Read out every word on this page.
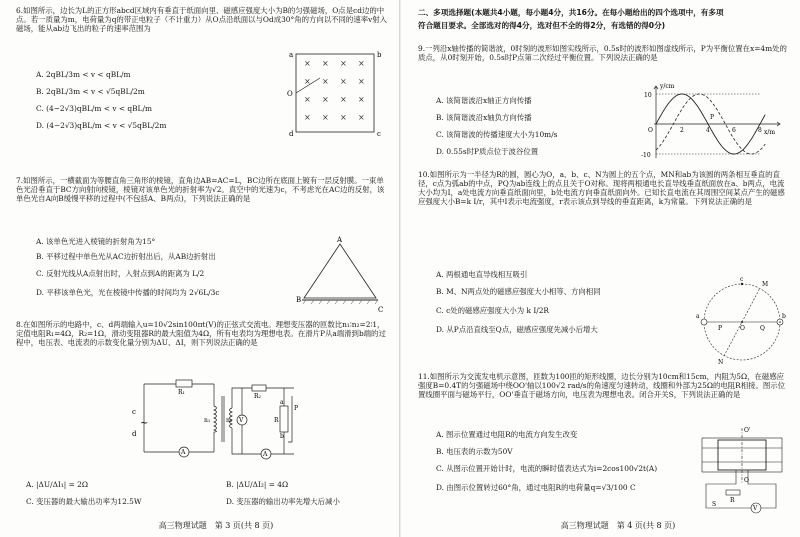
6.如图所示，边长为L的正方形abcd区域内有垂直于纸面向里、磁感应强度大小为B的匀强磁场，O点是cd边的中点。若一质量为m，电荷量为q的带正电粒子（不计重力）从O点沿纸面以与Od成30°角的方向以不同的速率v射入磁场，能从ab边飞出的粒子的速率范围为

A. 2qBL/3m < v < qBL/m

B. 2qBL/3m < v < √5qBL/2m

C. (4−2√3)qBL/m < v < qBL/m

D. (4−2√3)qBL/m < v < √5qBL/2m

× × × ×
× × × ×
× × × ×
× × × ×
a	b
c
d
O

7.如图所示，一横截面为等腰直角三角形的棱镜，直角边AB=AC=L，BC边所在底面上镀有一层反射膜。一束单色光沿垂直于BC方向射向棱镜，棱镜对该单色光的折射率为√2。真空中的光速为c，不考虑光在AC边的反射，该单色光自A向B缓慢平移的过程中(不包括A、B两点)，下列说法正确的是

A. 该单色光进入棱镜的折射角为15°

B. 平移过程中单色光从AC边折射出后，从AB边折射出

C. 反射光线从A点射出时，入射点到A的距离为 L/2

D. 平移该单色光，光在棱镜中传播的时间均为 2√6L/3c

A
B
C

8.在如图所示的电路中，c、d两端输入u=10√2sin100πt(V)的正弦式交流电。理想变压器的匝数比n₁∶n₂=2∶1，定值电阻R₁=4Ω，R₂=1Ω，滑动变阻器R的最大阻值为4Ω，所有电表均为理想电表。在滑片P从a端滑到b端的过程中，电压表、电流表的示数变化量分别为ΔU、ΔI，则下列说法正确的是

c
d
~
R₁
n₁	n₂
R₂
V
A
A
R
P
a
b

A. |ΔU/ΔI₁| = 2Ω	B. |ΔU/ΔI₂| = 4Ω

C. 变压器的最大输出功率为12.5W	D. 变压器的输出功率先增大后减小

高三物理试题　第 3 页(共 8 页)

二、多项选择题(本题共4小题，每小题4分，共16分。在每小题给出的四个选项中，有多项

符合题目要求。全部选对的得4分，选对但不全的得2分，有选错的得0分)

9.一列沿x轴传播的简谐波，0时刻的波形如图实线所示，0.5s时的波形如图虚线所示，P为平衡位置在x=4m处的质点，从0时刻开始，0.5s时P点第二次经过平衡位置。下列说法正确的是

A. 该简谐波沿x轴正方向传播

B. 该简谐波沿x轴负方向传播

C. 该简谐波的传播速度大小为10m/s

D. 0.55s时P质点位于波谷位置

y/cm
x/m
10
-10
O	2	4	6	8
P

10.如图所示为一半径为R的圆，圆心为O，a、b、c、N为圆上的五个点，MN和ab为该圆的两条相互垂直的直径，c点为弧ab的中点，PQ为ab连线上的点且关于O对称。现将两根通电长直导线垂直纸面放在a、b两点，电流大小均为I，a处电流方向垂直纸面向里，b处电流方向垂直纸面向外。已知长直电流在其周围空间某点产生的磁感应强度大小B=k I/r，其中I表示电流强度，r表示该点到导线的垂直距离，k为常量。下列说法正确的是

A. 两根通电直导线相互吸引

B. M、N两点处的磁感应强度大小相等、方向相同

C. c处的磁感应强度大小为 k I/2R

D. 从P点沿直线至Q点，磁感应强度先减小后增大

c
M
N
a	b
P	Q
O

11.如图所示为交流发电机示意图，匝数为100匝的矩形线圈，边长分别为10cm和15cm，内阻为5Ω，在磁感应强度B=0.4T的匀强磁场中绕OO'轴以100√2 rad/s的角速度匀速转动，线圈和外部为25Ω的电阻R相接。图示位置线圈平面与磁场平行，OO'垂直于磁场方向，电压表为理想电表。闭合开关S，下列说法正确的是

A. 图示位置通过电阻R的电流方向发生改变

B. 电压表的示数为50V

C. 从图示位置开始计时，电流的瞬时值表达式为i=2cos100√2t(A)

D. 由图示位置转过60°角，通过电阻R的电荷量q=√3/100 C

O'
O
R
V
S
高三物理试题　第 4 页(共 8 页)
